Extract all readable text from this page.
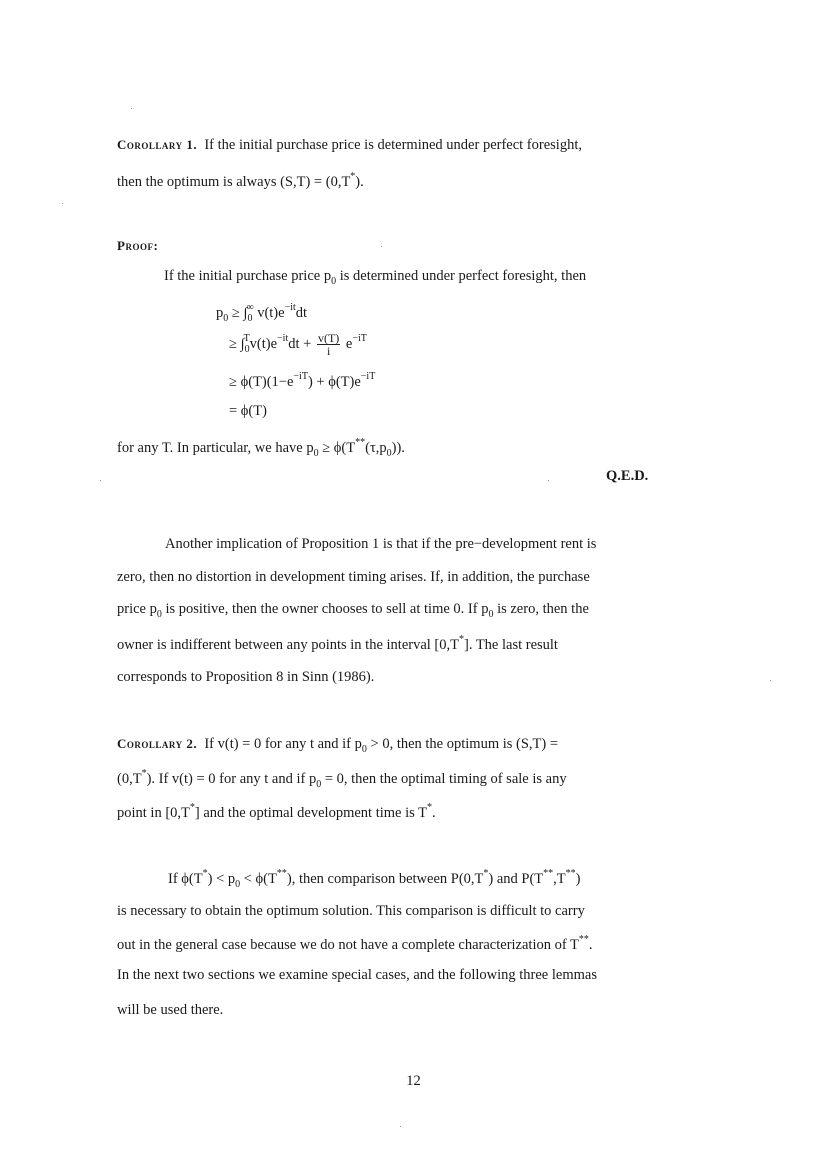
Corollary 1. If the initial purchase price is determined under perfect foresight,
then the optimum is always (S,T) = (0,T*).
Proof:
If the initial purchase price $p_0$ is determined under perfect foresight, then
$p_0 \ge \int_0^\infty$ $v(t)e^{-it}dt$
≥ $\int_0^Tv(t)e^{-it}dt + \frac{v(T)}{i} e^{-iT}$
≥ $\phi(T)(1-e^{-iT}) + \phi(T)e^{-iT}$
= ϕ(T)
for any T. In particular, we have $p_0 \ge \phi(T^{**}(\tau,p_0))$.
Q.E.D.
Another implication of Proposition 1 is that if the pre−development rent is
zero, then no distortion in development timing arises. If, in addition, the purchase
price $p_0$ is positive, then the owner chooses to sell at time 0. If $p_0$ is zero, then the
owner is indifferent between any points in the interval [0,T*]. The last result
corresponds to Proposition 8 in Sinn (1986).
Corollary 2. If v(t) = 0 for any t and if $p_0 > 0$, then the optimum is (S,T) =
(0,T*). If v(t) = 0 for any t and if $p_0 = 0$, then the optimal timing of sale is any
point in [0,T*] and the optimal development time is T*.
If $\phi(T^*) < p_0 < \phi(T^{**})$, then comparison between P(0,T*) and P(T**,T**)
is necessary to obtain the optimum solution. This comparison is difficult to carry
out in the general case because we do not have a complete characterization of T**.
In the next two sections we examine special cases, and the following three lemmas
will be used there.
12
